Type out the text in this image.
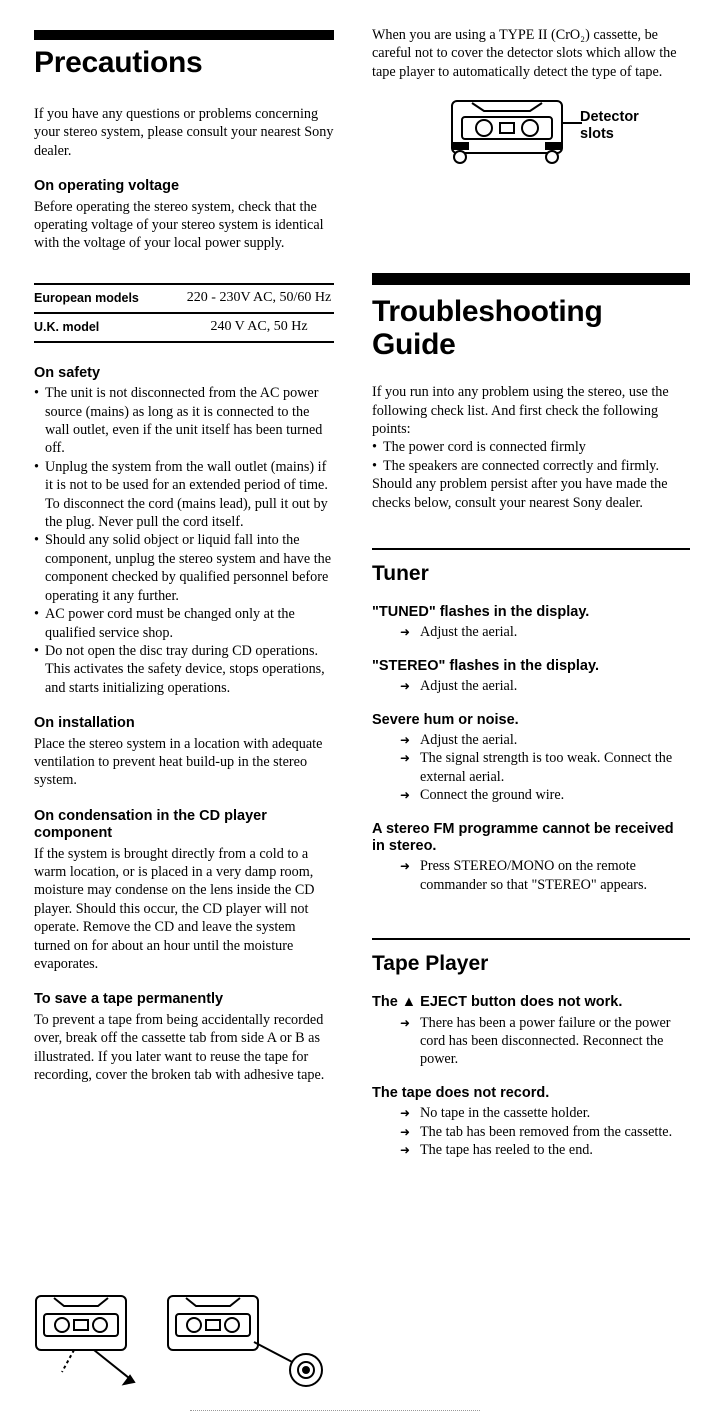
Precautions

If you have any questions or problems concerning your stereo system, please consult your nearest Sony dealer.

On operating voltage

Before operating the stereo system, check that the operating voltage of your stereo system is identical with the voltage of your local power supply.

European models	220 - 230V AC, 50/60 Hz
U.K. model	240 V AC, 50 Hz
On safety
• The unit is not disconnected from the AC power source (mains) as long as it is connected to the wall outlet, even if the unit itself has been turned off.
• Unplug the system from the wall outlet (mains) if it is not to be used for an extended period of time. To disconnect the cord (mains lead), pull it out by the plug. Never pull the cord itself.
• Should any solid object or liquid fall into the component, unplug the stereo system and have the component checked by qualified personnel before operating it any further.
• AC power cord must be changed only at the qualified service shop.
• Do not open the disc tray during CD operations. This activates the safety device, stops operations, and starts initializing operations.
On installation

Place the stereo system in a location with adequate ventilation to prevent heat build-up in the stereo system.

On condensation in the CD player component

If the system is brought directly from a cold to a warm location, or is placed in a very damp room, moisture may condense on the lens inside the CD player. Should this occur, the CD player will not operate. Remove the CD and leave the system turned on for about an hour until the moisture evaporates.

To save a tape permanently

To prevent a tape from being accidentally recorded over, break off the cassette tab from side A or B as illustrated. If you later want to reuse the tape for recording, cover the broken tab with adhesive tape.

When you are using a TYPE II (CrO₂) cassette, be careful not to cover the detector slots which allow the tape player to automatically detect the type of tape.

Detector
slots
Troubleshooting
Guide

If you run into any problem using the stereo, use the following check list. And first check the following points:

• The power cord is connected firmly
• The speakers are connected correctly and firmly.

Should any problem persist after you have made the checks below, consult your nearest Sony dealer.

Tuner
"TUNED" flashes in the display.
➜ Adjust the aerial.
"STEREO" flashes in the display.
➜ Adjust the aerial.
Severe hum or noise.
➜ Adjust the aerial.
➜ The signal strength is too weak. Connect the external aerial.
➜ Connect the ground wire.
A stereo FM programme cannot be received in stereo.
➜ Press STEREO/MONO on the remote commander so that "STEREO" appears.
Tape Player
The ▲ EJECT button does not work.
➜ There has been a power failure or the power cord has been disconnected. Reconnect the power.
The tape does not record.
➜ No tape in the cassette holder.
➜ The tab has been removed from the cassette.
➜ The tape has reeled to the end.
